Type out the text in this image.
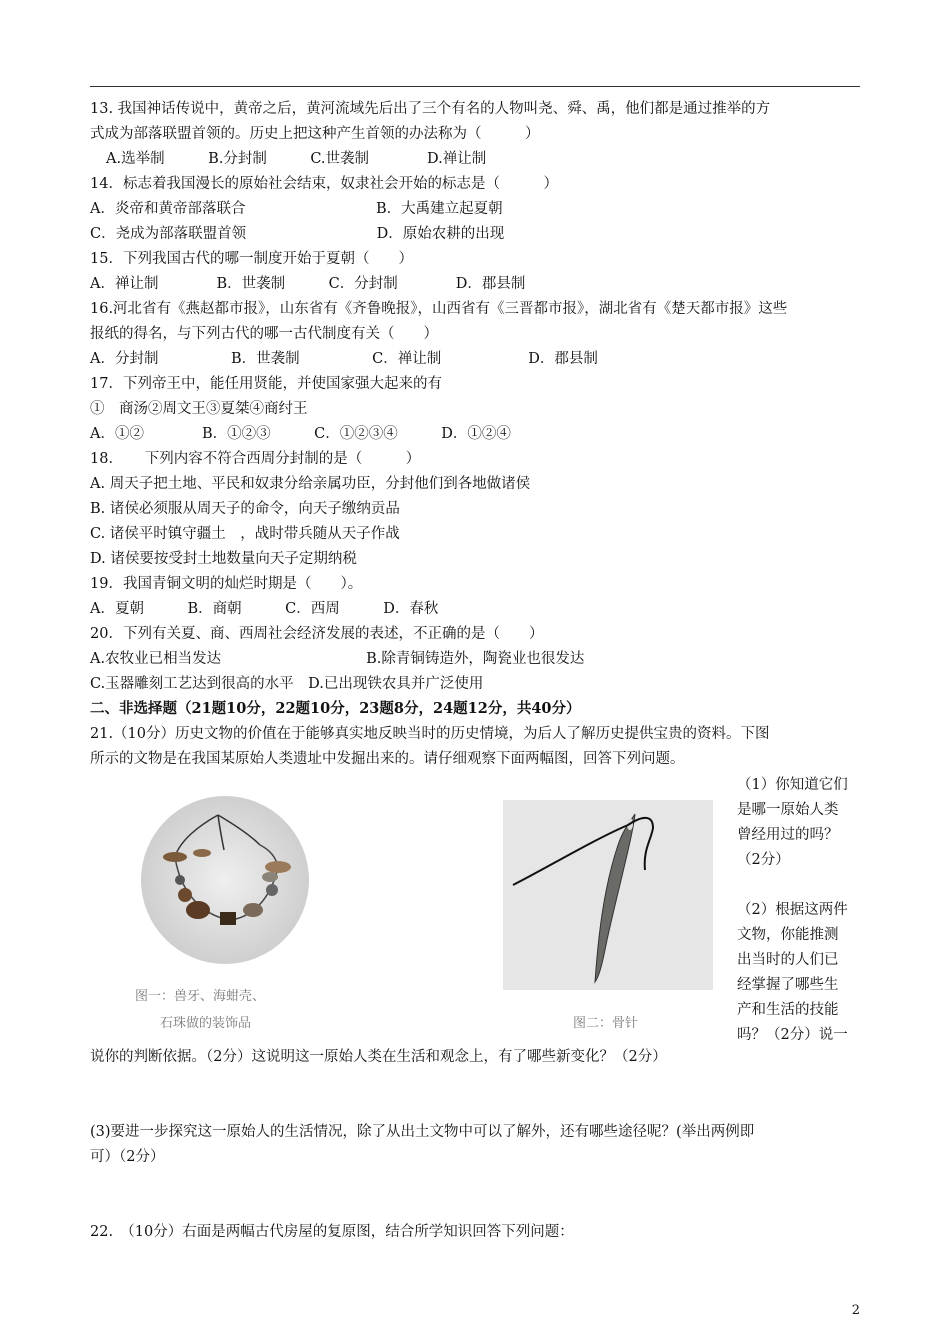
13. 我国神话传说中，黄帝之后，黄河流域先后出了三个有名的人物叫尧、舜、禹，他们都是通过推举的方
式成为部落联盟首领的。历史上把这种产生首领的办法称为（　　　）
A.选举制　　　B.分封制　　　C.世袭制　　　　D.禅让制
14．标志着我国漫长的原始社会结束，奴隶社会开始的标志是（　　　）
A．炎帝和黄帝部落联合　　　　　　　　　B．大禹建立起夏朝
C．尧成为部落联盟首领　　　　　　　　　D．原始农耕的出现
15．下列我国古代的哪一制度开始于夏朝（　　）
A．禅让制　　　　B．世袭制　　　C．分封制　　　　D．郡县制
16.河北省有《燕赵都市报》，山东省有《齐鲁晚报》，山西省有《三晋都市报》，湖北省有《楚天都市报》这些
报纸的得名，与下列古代的哪一古代制度有关（　　）
A．分封制　　　　　B．世袭制　　　　　C．禅让制　　　　　　D．郡县制
17．下列帝王中，能任用贤能，并使国家强大起来的有
①　商汤②周文王③夏桀④商纣王
A．①②　　　　B．①②③　　　C．①②③④　　　D．①②④
18．　　下列内容不符合西周分封制的是（　　　）
A. 周天子把土地、平民和奴隶分给亲属功臣，分封他们到各地做诸侯
B. 诸侯必须服从周天子的命令，向天子缴纳贡品
C. 诸侯平时镇守疆土　，战时带兵随从天子作战
D. 诸侯要按受封土地数量向天子定期纳税
19．我国青铜文明的灿烂时期是（　　）。
A．夏朝　　　B．商朝　　　C．西周　　　D．春秋
20．下列有关夏、商、西周社会经济发展的表述，不正确的是（　　）
A.农牧业已相当发达　　　　　　　　　　B.除青铜铸造外，陶瓷业也很发达
C.玉器雕刻工艺达到很高的水平　D.已出现铁农具并广泛使用
二、非选择题（21题10分，22题10分，23题8分，24题12分，共40分）
21.（10分）历史文物的价值在于能够真实地反映当时的历史情境，为后人了解历史提供宝贵的资料。下图
所示的文物是在我国某原始人类遗址中发掘出来的。请仔细观察下面两幅图，回答下列问题。
（1）你知道它们
是哪一原始人类
曾经用过的吗？
（2分）
（2）根据这两件
文物，你能推测
出当时的人们已
经掌握了哪些生
产和生活的技能
吗？（2分）说一
图一：兽牙、海蚶壳、
石珠做的装饰品	图二：骨针
说你的判断依据。（2分）这说明这一原始人类在生活和观念上，有了哪些新变化？（2分）
(3)要进一步探究这一原始人的生活情况，除了从出土文物中可以了解外，还有哪些途径呢？(举出两例即
可）（2分）
22.　（10分）右面是两幅古代房屋的复原图，结合所学知识回答下列问题：
2
